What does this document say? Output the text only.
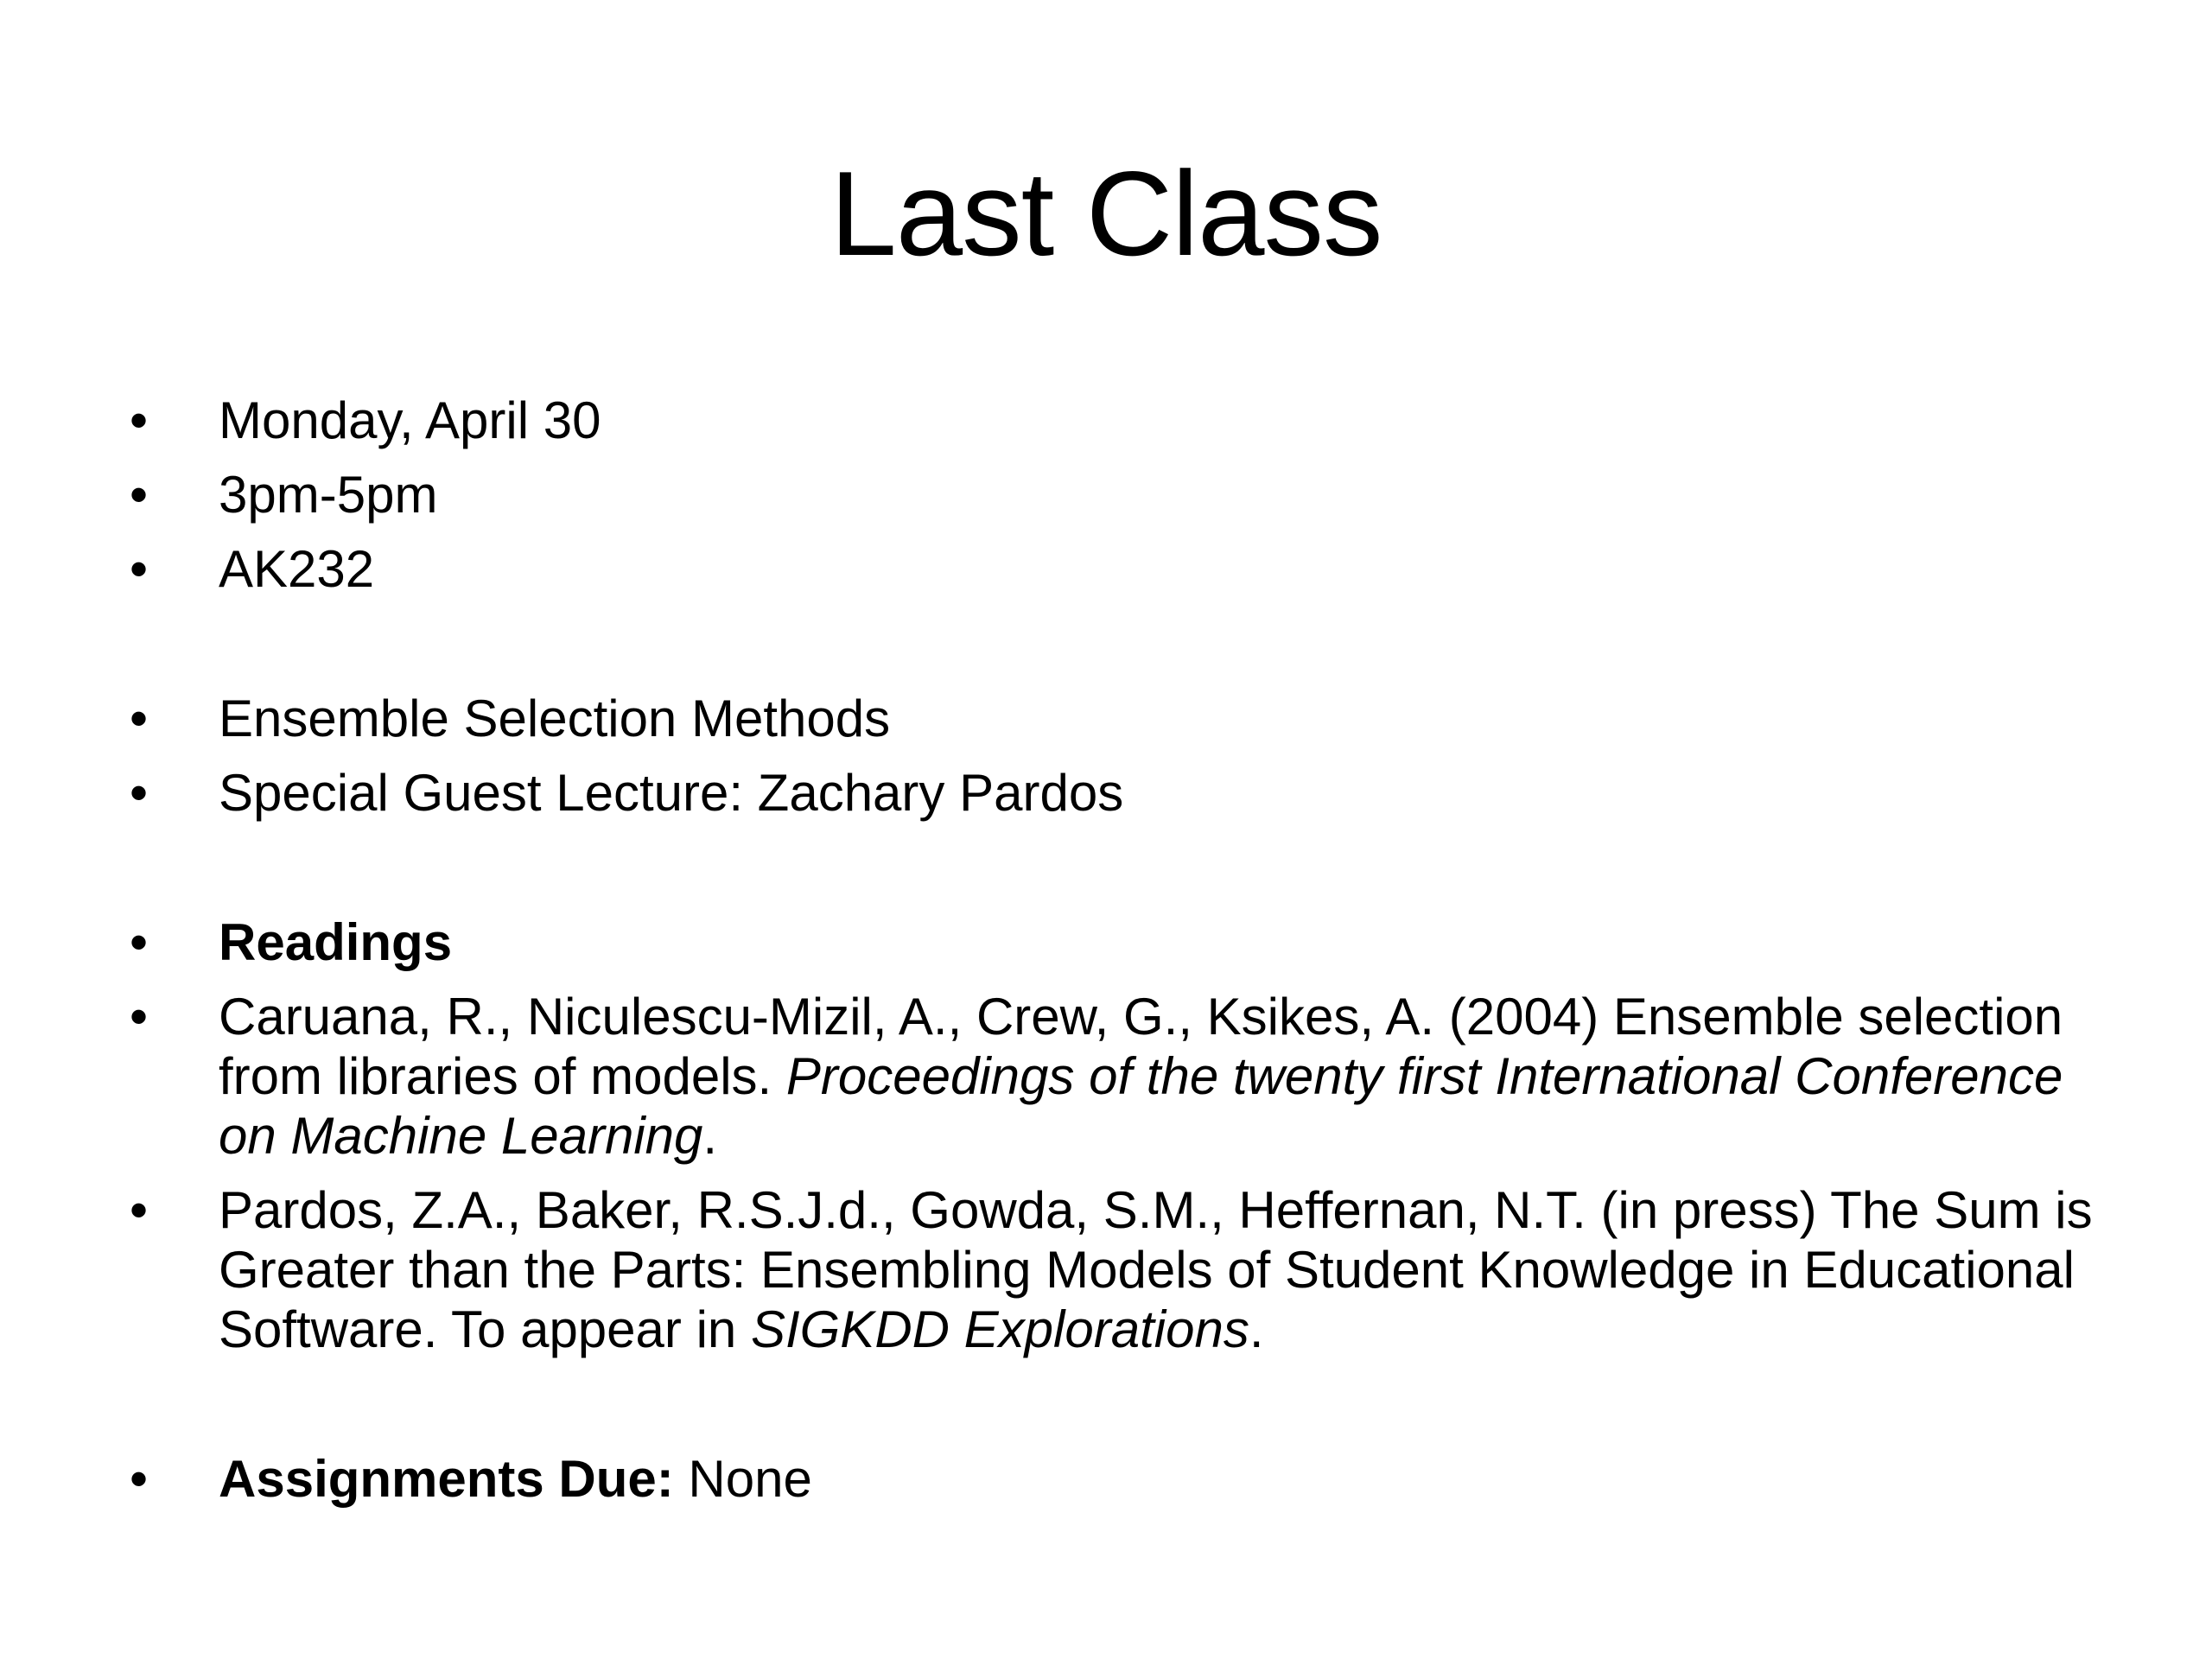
Last Class
•	Monday, April 30
•	3pm-5pm
•	AK232
•	Ensemble Selection Methods
•	Special Guest Lecture: Zachary Pardos
•	Readings
•	Caruana, R., Niculescu-Mizil, A., Crew, G., Ksikes, A. (2004) Ensemble selection from libraries of models. Proceedings of the twenty first International Conference on Machine Learning.
•	Pardos, Z.A., Baker, R.S.J.d., Gowda, S.M., Heffernan, N.T. (in press) The Sum is Greater than the Parts: Ensembling Models of Student Knowledge in Educational Software. To appear in SIGKDD Explorations.
•	Assignments Due: None
